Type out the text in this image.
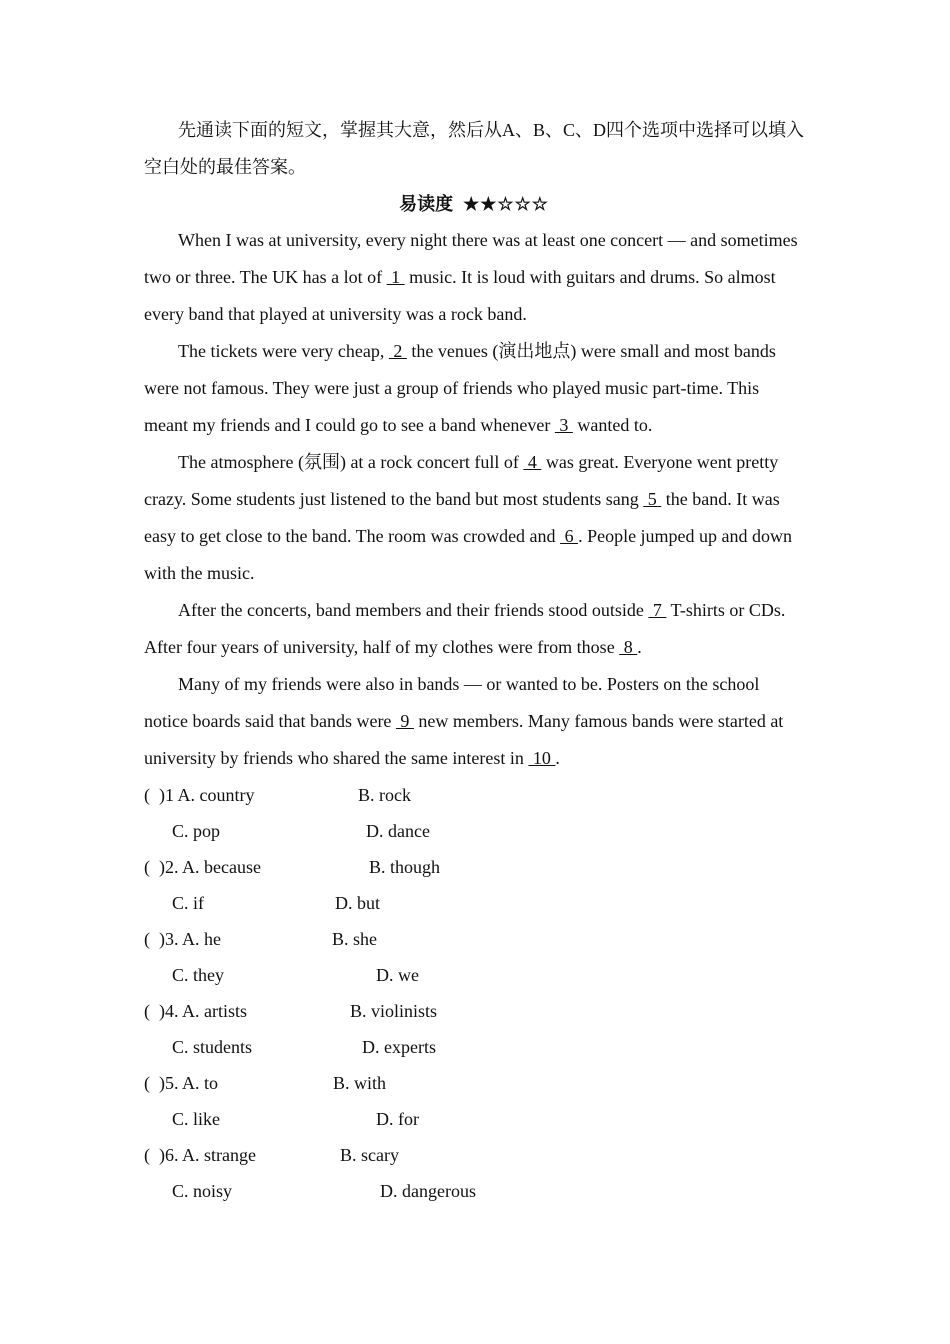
先通读下面的短文，掌握其大意，然后从A、B、C、D四个选项中选择可以填入空白处的最佳答案。

易读度 ★★☆☆☆

When I was at university, every night there was at least one concert — and sometimes two or three. The UK has a lot of  1  music. It is loud with guitars and drums. So almost every band that played at university was a rock band.

The tickets were very cheap,  2  the venues (演出地点) were small and most bands were not famous. They were just a group of friends who played music part-time. This meant my friends and I could go to see a band whenever  3  wanted to.

The atmosphere (氛围) at a rock concert full of  4  was great. Everyone went pretty crazy. Some students just listened to the band but most students sang  5  the band. It was easy to get close to the band. The room was crowded and  6 . People jumped up and down with the music.

After the concerts, band members and their friends stood outside  7  T-shirts or CDs. After four years of university, half of my clothes were from those  8 .

Many of my friends were also in bands — or wanted to be. Posters on the school notice boards said that bands were  9  new members. Many famous bands were started at university by friends who shared the same interest in  10 .

(  )1 A. country	B. rock
C. pop	D. dance
(  )2. A. because	B. though
C. if	D. but
(  )3. A. he	B. she
C. they	D. we
(  )4. A. artists	B. violinists
C. students	D. experts
(  )5. A. to	B. with
C. like	D. for
(  )6. A. strange	B. scary
C. noisy	D. dangerous
